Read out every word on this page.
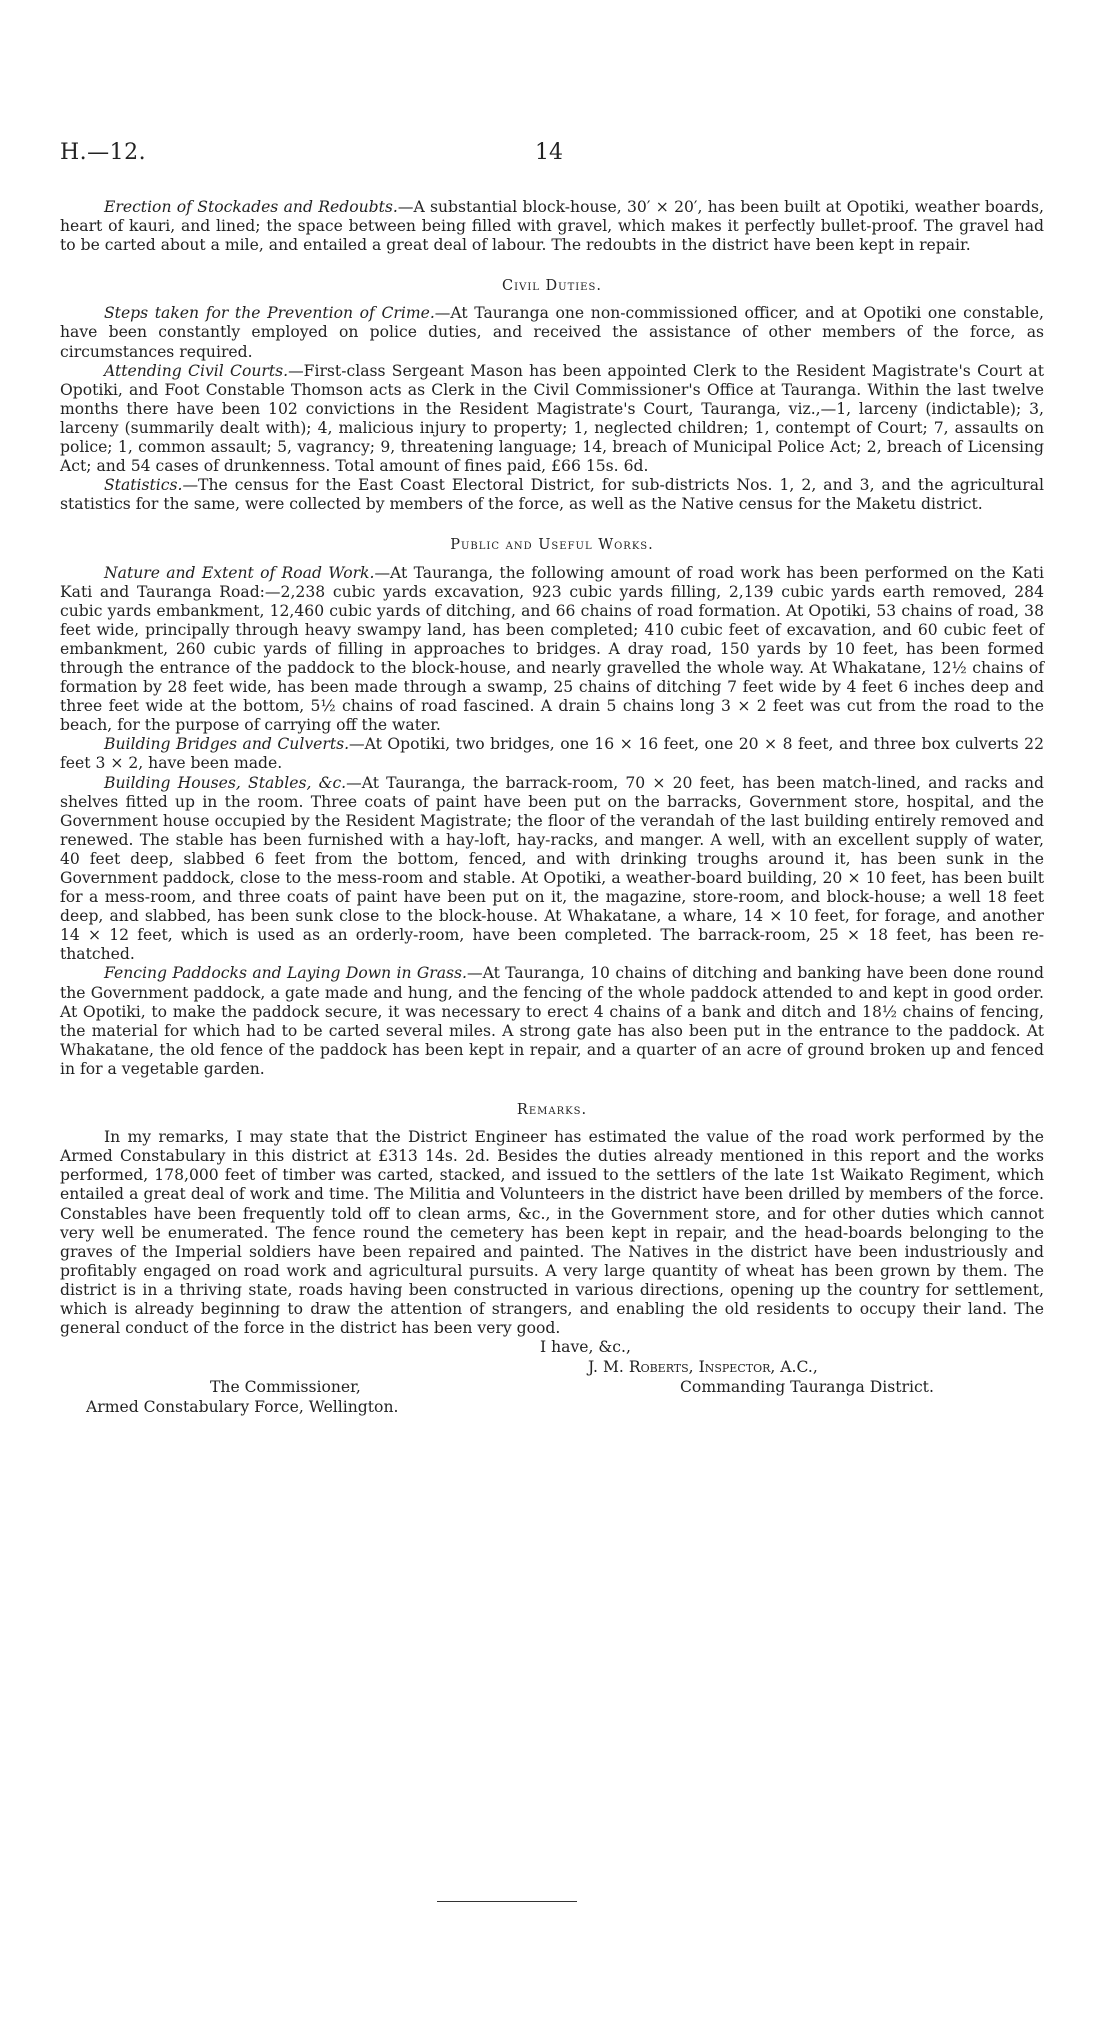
H.—12.	14

Erection of Stockades and Redoubts.—A substantial block-house, 30′ × 20′, has been built at Opotiki, weather boards, heart of kauri, and lined; the space between being filled with gravel, which makes it perfectly bullet-proof. The gravel had to be carted about a mile, and entailed a great deal of labour. The redoubts in the district have been kept in repair.

Civil Duties.

Steps taken for the Prevention of Crime.—At Tauranga one non-commissioned officer, and at Opotiki one constable, have been constantly employed on police duties, and received the assistance of other members of the force, as circumstances required.

Attending Civil Courts.—First-class Sergeant Mason has been appointed Clerk to the Resident Magistrate's Court at Opotiki, and Foot Constable Thomson acts as Clerk in the Civil Commissioner's Office at Tauranga. Within the last twelve months there have been 102 convictions in the Resident Magistrate's Court, Tauranga, viz.,—1, larceny (indictable); 3, larceny (summarily dealt with); 4, malicious injury to property; 1, neglected children; 1, contempt of Court; 7, assaults on police; 1, common assault; 5, vagrancy; 9, threatening language; 14, breach of Municipal Police Act; 2, breach of Licensing Act; and 54 cases of drunkenness. Total amount of fines paid, £66 15s. 6d.

Statistics.—The census for the East Coast Electoral District, for sub-districts Nos. 1, 2, and 3, and the agricultural statistics for the same, were collected by members of the force, as well as the Native census for the Maketu district.

Public and Useful Works.

Nature and Extent of Road Work.—At Tauranga, the following amount of road work has been performed on the Kati Kati and Tauranga Road:—2,238 cubic yards excavation, 923 cubic yards filling, 2,139 cubic yards earth removed, 284 cubic yards embankment, 12,460 cubic yards of ditching, and 66 chains of road formation. At Opotiki, 53 chains of road, 38 feet wide, principally through heavy swampy land, has been completed; 410 cubic feet of excavation, and 60 cubic feet of embankment, 260 cubic yards of filling in approaches to bridges. A dray road, 150 yards by 10 feet, has been formed through the entrance of the paddock to the block-house, and nearly gravelled the whole way. At Whakatane, 12½ chains of formation by 28 feet wide, has been made through a swamp, 25 chains of ditching 7 feet wide by 4 feet 6 inches deep and three feet wide at the bottom, 5½ chains of road fascined. A drain 5 chains long 3 × 2 feet was cut from the road to the beach, for the purpose of carrying off the water.

Building Bridges and Culverts.—At Opotiki, two bridges, one 16 × 16 feet, one 20 × 8 feet, and three box culverts 22 feet 3 × 2, have been made.

Building Houses, Stables, &c.—At Tauranga, the barrack-room, 70 × 20 feet, has been match-lined, and racks and shelves fitted up in the room. Three coats of paint have been put on the barracks, Government store, hospital, and the Government house occupied by the Resident Magistrate; the floor of the verandah of the last building entirely removed and renewed. The stable has been furnished with a hay-loft, hay-racks, and manger. A well, with an excellent supply of water, 40 feet deep, slabbed 6 feet from the bottom, fenced, and with drinking troughs around it, has been sunk in the Government paddock, close to the mess-room and stable. At Opotiki, a weather-board building, 20 × 10 feet, has been built for a mess-room, and three coats of paint have been put on it, the magazine, store-room, and block-house; a well 18 feet deep, and slabbed, has been sunk close to the block-house. At Whakatane, a whare, 14 × 10 feet, for forage, and another 14 × 12 feet, which is used as an orderly-room, have been completed. The barrack-room, 25 × 18 feet, has been re-thatched.

Fencing Paddocks and Laying Down in Grass.—At Tauranga, 10 chains of ditching and banking have been done round the Government paddock, a gate made and hung, and the fencing of the whole paddock attended to and kept in good order. At Opotiki, to make the paddock secure, it was necessary to erect 4 chains of a bank and ditch and 18½ chains of fencing, the material for which had to be carted several miles. A strong gate has also been put in the entrance to the paddock. At Whakatane, the old fence of the paddock has been kept in repair, and a quarter of an acre of ground broken up and fenced in for a vegetable garden.

Remarks.

In my remarks, I may state that the District Engineer has estimated the value of the road work performed by the Armed Constabulary in this district at £313 14s. 2d. Besides the duties already mentioned in this report and the works performed, 178,000 feet of timber was carted, stacked, and issued to the settlers of the late 1st Waikato Regiment, which entailed a great deal of work and time. The Militia and Volunteers in the district have been drilled by members of the force. Constables have been frequently told off to clean arms, &c., in the Government store, and for other duties which cannot very well be enumerated. The fence round the cemetery has been kept in repair, and the head-boards belonging to the graves of the Imperial soldiers have been repaired and painted. The Natives in the district have been industriously and profitably engaged on road work and agricultural pursuits. A very large quantity of wheat has been grown by them. The district is in a thriving state, roads having been constructed in various directions, opening up the country for settlement, which is already beginning to draw the attention of strangers, and enabling the old residents to occupy their land. The general conduct of the force in the district has been very good.

I have, &c.,
J. M. Roberts, Inspector, A.C.,
The Commissioner,	Commanding Tauranga District.
Armed Constabulary Force, Wellington.
